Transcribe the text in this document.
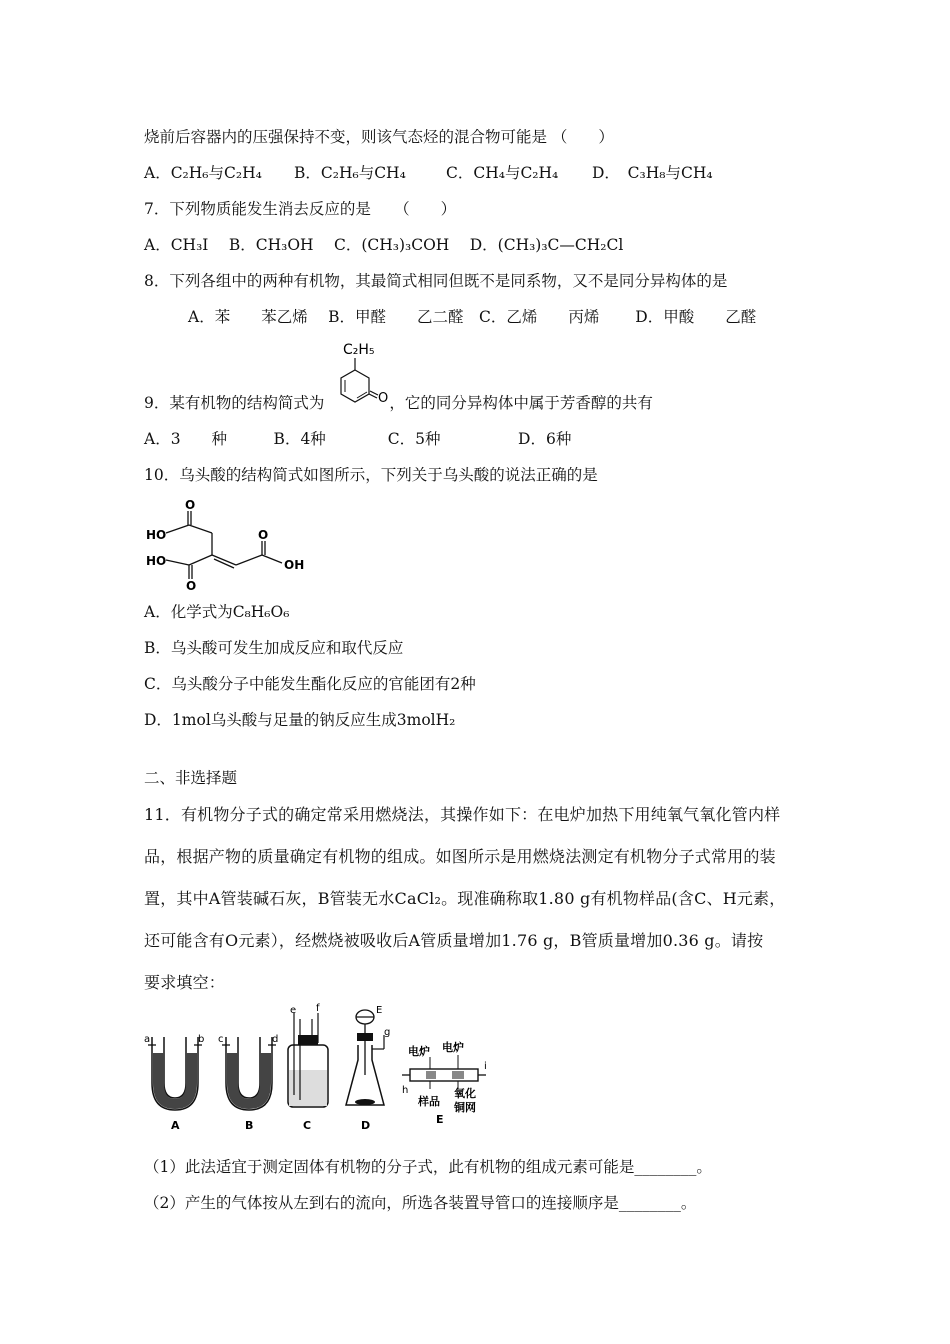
烧前后容器内的压强保持不变，则该气态烃的混合物可能是 （　　）
A．C₂H₆与C₂H₄ B．C₂H₆与CH₄	C．CH₄与C₂H₄ D．　C₃H₈与CH₄
7．下列物质能发生消去反应的是　　（　　）
A．CH₃I　 B．CH₃OH　 C．(CH₃)₃COH　 D．(CH₃)₃C—CH₂Cl
8．下列各组中的两种有机物，其最简式相同但既不是同系物，又不是同分异构体的是
A．苯　　苯乙烯　 B．甲醛　　乙二醛　C．乙烯　　丙烯　　 D．甲酸　　乙醛
9．某有机物的结构简式为	，它的同分异构体中属于芳香醇的共有
C₂H₅
O
A．3　　种　　　B．4种　　　　C．5种　　　　　D．6种
10．乌头酸的结构简式如图所示，下列关于乌头酸的说法正确的是
O
HO	O
OH
HO
O
A．化学式为C₈H₆O₆
B．乌头酸可发生加成反应和取代反应
C．乌头酸分子中能发生酯化反应的官能团有2种
D．1mol乌头酸与足量的钠反应生成3molH₂
二、非选择题
11．有机物分子式的确定常采用燃烧法，其操作如下：在电炉加热下用纯氧气氧化管内样
品，根据产物的质量确定有机物的组成。如图所示是用燃烧法测定有机物分子式常用的装
置，其中A管装碱石灰，B管装无水CaCl₂。现准确称取1.80 g有机物样品(含C、H元素，
还可能含有O元素），经燃烧被吸收后A管质量增加1.76 g，B管质量增加0.36 g。请按
要求填空：
a	b
A
c	d
B
e f
C
E
g
D
电炉 电炉
h
i
样品
氧化
铜网
E
（1）此法适宜于测定固体有机物的分子式，此有机物的组成元素可能是________。
（2）产生的气体按从左到右的流向，所选各装置导管口的连接顺序是________。
